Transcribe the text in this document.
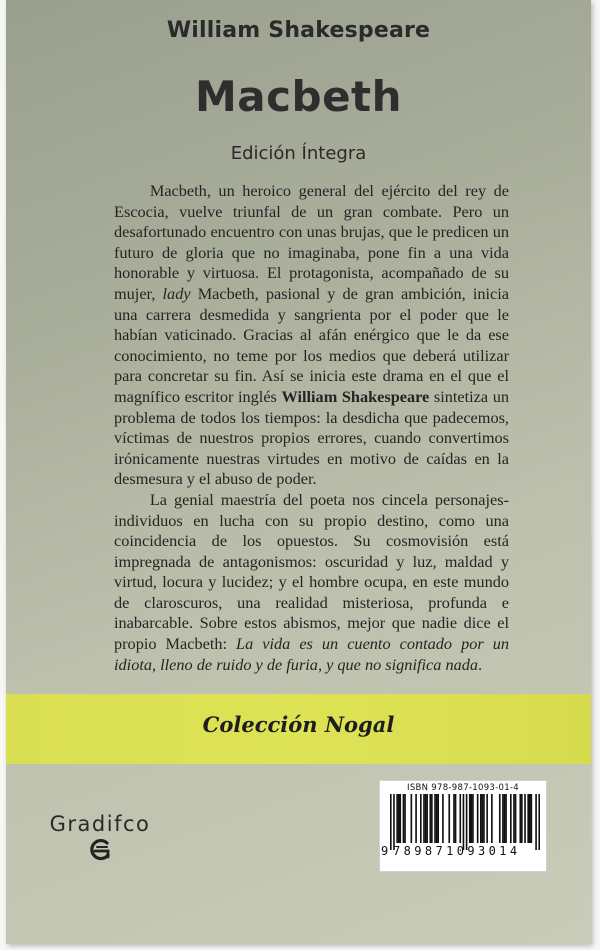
William Shakespeare
Macbeth
Edición Íntegra

Macbeth, un heroico general del ejército del rey de Escocia, vuelve triunfal de un gran combate. Pero un desafortunado encuentro con unas brujas, que le predicen un futuro de gloria que no imaginaba, pone fin a una vida honorable y virtuosa. El protagonista, acompañado de su mujer, lady Macbeth, pasional y de gran ambición, inicia una carrera desmedida y sangrienta por el poder que le habían vaticinado. Gracias al afán enérgico que le da ese conocimiento, no teme por los medios que deberá utilizar para concretar su fin. Así se inicia este drama en el que el magnífico escritor inglés William Shakespeare sintetiza un problema de todos los tiempos: la desdicha que padecemos, víctimas de nuestros propios errores, cuando convertimos irónicamente nuestras virtudes en motivo de caídas en la desmesura y el abuso de poder.

La genial maestría del poeta nos cincela personajes-individuos en lucha con su propio destino, como una coincidencia de los opuestos. Su cosmovisión está impregnada de antagonismos: oscuridad y luz, maldad y virtud, locura y lucidez; y el hombre ocupa, en este mundo de claroscuros, una realidad misteriosa, profunda e inabarcable. Sobre estos abismos, mejor que nadie dice el propio Macbeth: La vida es un cuento contado por un idiota, lleno de ruido y de furia, y que no significa nada.

Colección Nogal
Gradifco
ISBN 978-987-1093-01-4
9 789871093014
